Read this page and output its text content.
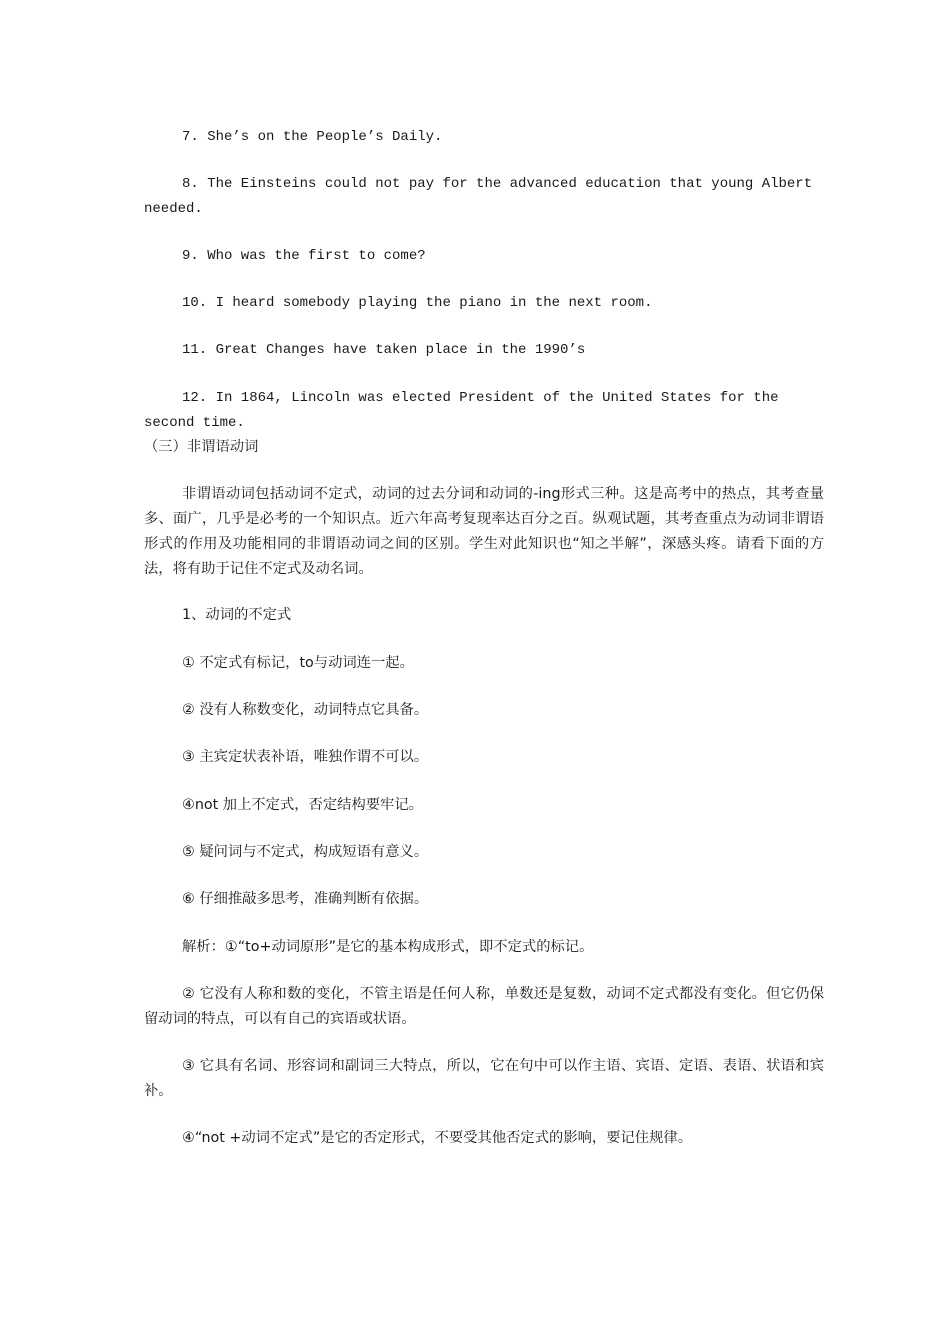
7. She’s on the People’s Daily.

8. The Einsteins could not pay for the advanced education that young Albert needed.

9. Who was the first to come?

10. I heard somebody playing the piano in the next room.

11. Great Changes have taken place in the 1990’s

12. In 1864, Lincoln was elected President of the United States for the second time.

（三）非谓语动词

非谓语动词包括动词不定式，动词的过去分词和动词的-ing形式三种。这是高考中的热点，其考查量多、面广，几乎是必考的一个知识点。近六年高考复现率达百分之百。纵观试题，其考查重点为动词非谓语形式的作用及功能相同的非谓语动词之间的区别。学生对此知识也“知之半解”，深感头疼。请看下面的方法，将有助于记住不定式及动名词。

1、动词的不定式

① 不定式有标记，to与动词连一起。

② 没有人称数变化，动词特点它具备。

③ 主宾定状表补语，唯独作谓不可以。

④not 加上不定式，否定结构要牢记。

⑤ 疑问词与不定式，构成短语有意义。

⑥ 仔细推敲多思考，准确判断有依据。

解析：①“to+动词原形”是它的基本构成形式，即不定式的标记。

② 它没有人称和数的变化，不管主语是任何人称，单数还是复数，动词不定式都没有变化。但它仍保留动词的特点，可以有自己的宾语或状语。

③ 它具有名词、形容词和副词三大特点，所以，它在句中可以作主语、宾语、定语、表语、状语和宾补。

④“not +动词不定式”是它的否定形式，不要受其他否定式的影响，要记住规律。
